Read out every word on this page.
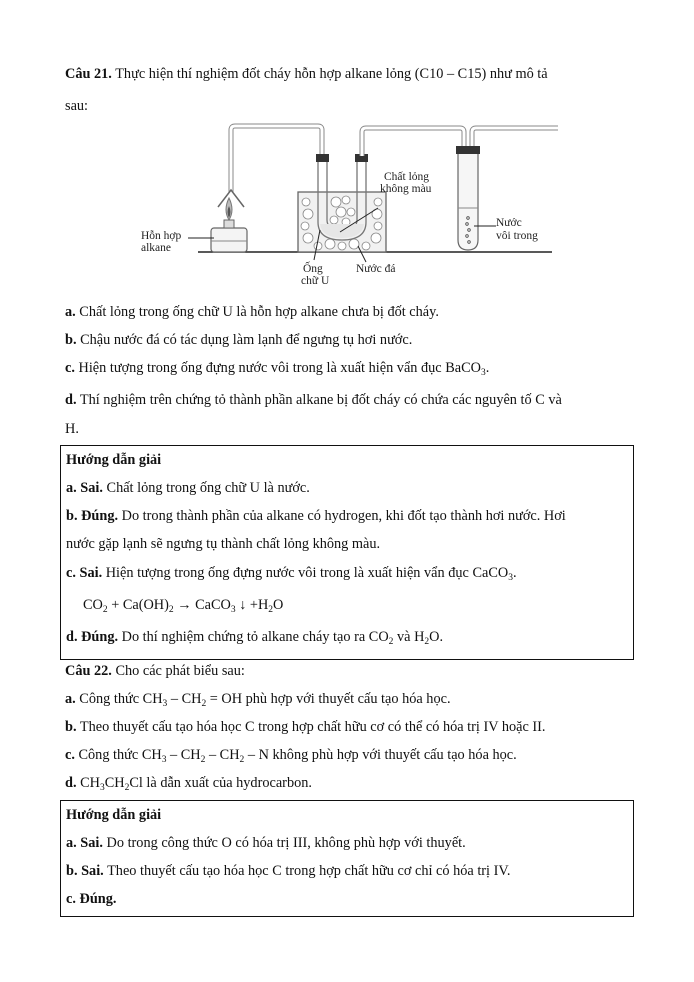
Câu 21. Thực hiện thí nghiệm đốt cháy hỗn hợp alkane lỏng (C10 – C15) như mô tả
sau:
Hỗn hợp
alkane
Chất lỏng
không màu
Nước
vôi trong
Ống
chữ U
Nước đá
a. Chất lỏng trong ống chữ U là hỗn hợp alkane chưa bị đốt cháy.
b. Chậu nước đá có tác dụng làm lạnh để ngưng tụ hơi nước.
c. Hiện tượng trong ống đựng nước vôi trong là xuất hiện vẩn đục BaCO$_3$.
d. Thí nghiệm trên chứng tỏ thành phần alkane bị đốt cháy có chứa các nguyên tố C và
H.
Hướng dẫn giải
a. Sai. Chất lỏng trong ống chữ U là nước.
b. Đúng. Do trong thành phần của alkane có hydrogen, khi đốt tạo thành hơi nước. Hơi
nước gặp lạnh sẽ ngưng tụ thành chất lỏng không màu.
c. Sai. Hiện tượng trong ống đựng nước vôi trong là xuất hiện vẩn đục CaCO$_3$.
$CO_2 + Ca(OH)_2$ → CaCO$_3$ ↓ $+H_2O$
d. Đúng. Do thí nghiệm chứng tỏ alkane cháy tạo ra $CO_2$ và $H_2O$.
Câu 22. Cho các phát biểu sau:
a. Công thức $CH_3 - CH_2$ = OH phù hợp với thuyết cấu tạo hóa học.
b. Theo thuyết cấu tạo hóa học C trong hợp chất hữu cơ có thể có hóa trị IV hoặc II.
c. Công thức $CH_3 - CH_2 - CH_2$ – N không phù hợp với thuyết cấu tạo hóa học.
d. $CH_3CH_2Cl$ là dẫn xuất của hydrocarbon.
Hướng dẫn giải
a. Sai. Do trong công thức O có hóa trị III, không phù hợp với thuyết.
b. Sai. Theo thuyết cấu tạo hóa học C trong hợp chất hữu cơ chỉ có hóa trị IV.
c. Đúng.
